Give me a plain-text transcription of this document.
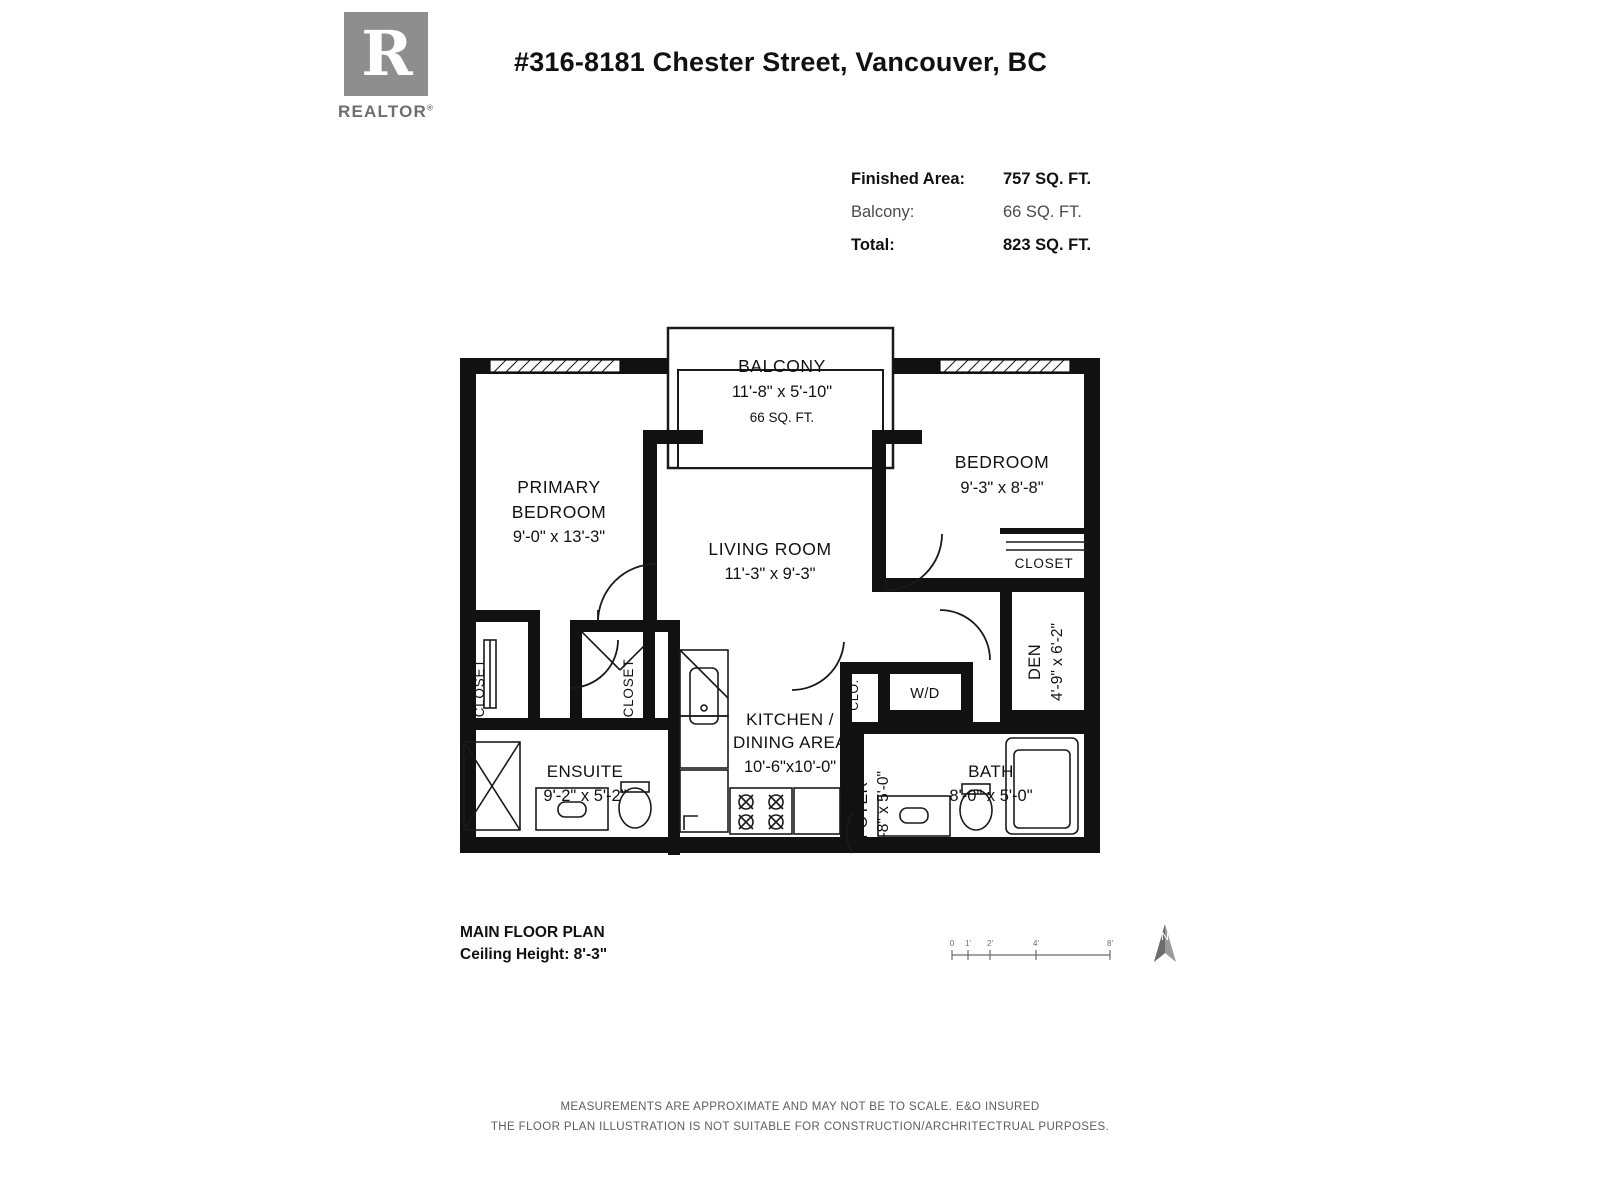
R
REALTOR®
#316-8181 Chester Street, Vancouver, BC
Finished Area:	757 SQ. FT.
Balcony:	66 SQ. FT.
Total:	823 SQ. FT.
BALCONY
11'-8" x 5'-10"
66 SQ. FT.
PRIMARY
BEDROOM
9'-0" x 13'-3"
BEDROOM
9'-3" x 8'-8"
LIVING ROOM
11'-3" x 9'-3"
KITCHEN /
DINING AREA
10'-6"x10'-0"
ENSUITE
9'-2" x 5'-2"
BATH
8'-0" x 5'-0"
DEN 4'-9" x 6'-2"
FOYER 3'-8" x 5'-0"
CLOSET	CLOSET
CLOSET
CLO.	W/D
MAIN FLOOR PLAN
Ceiling Height: 8'-3"
0 1' 2'	4'	8'
N
MEASUREMENTS ARE APPROXIMATE AND MAY NOT BE TO SCALE. E&O INSURED
THE FLOOR PLAN ILLUSTRATION IS NOT SUITABLE FOR CONSTRUCTION/ARCHRITECTRUAL PURPOSES.
